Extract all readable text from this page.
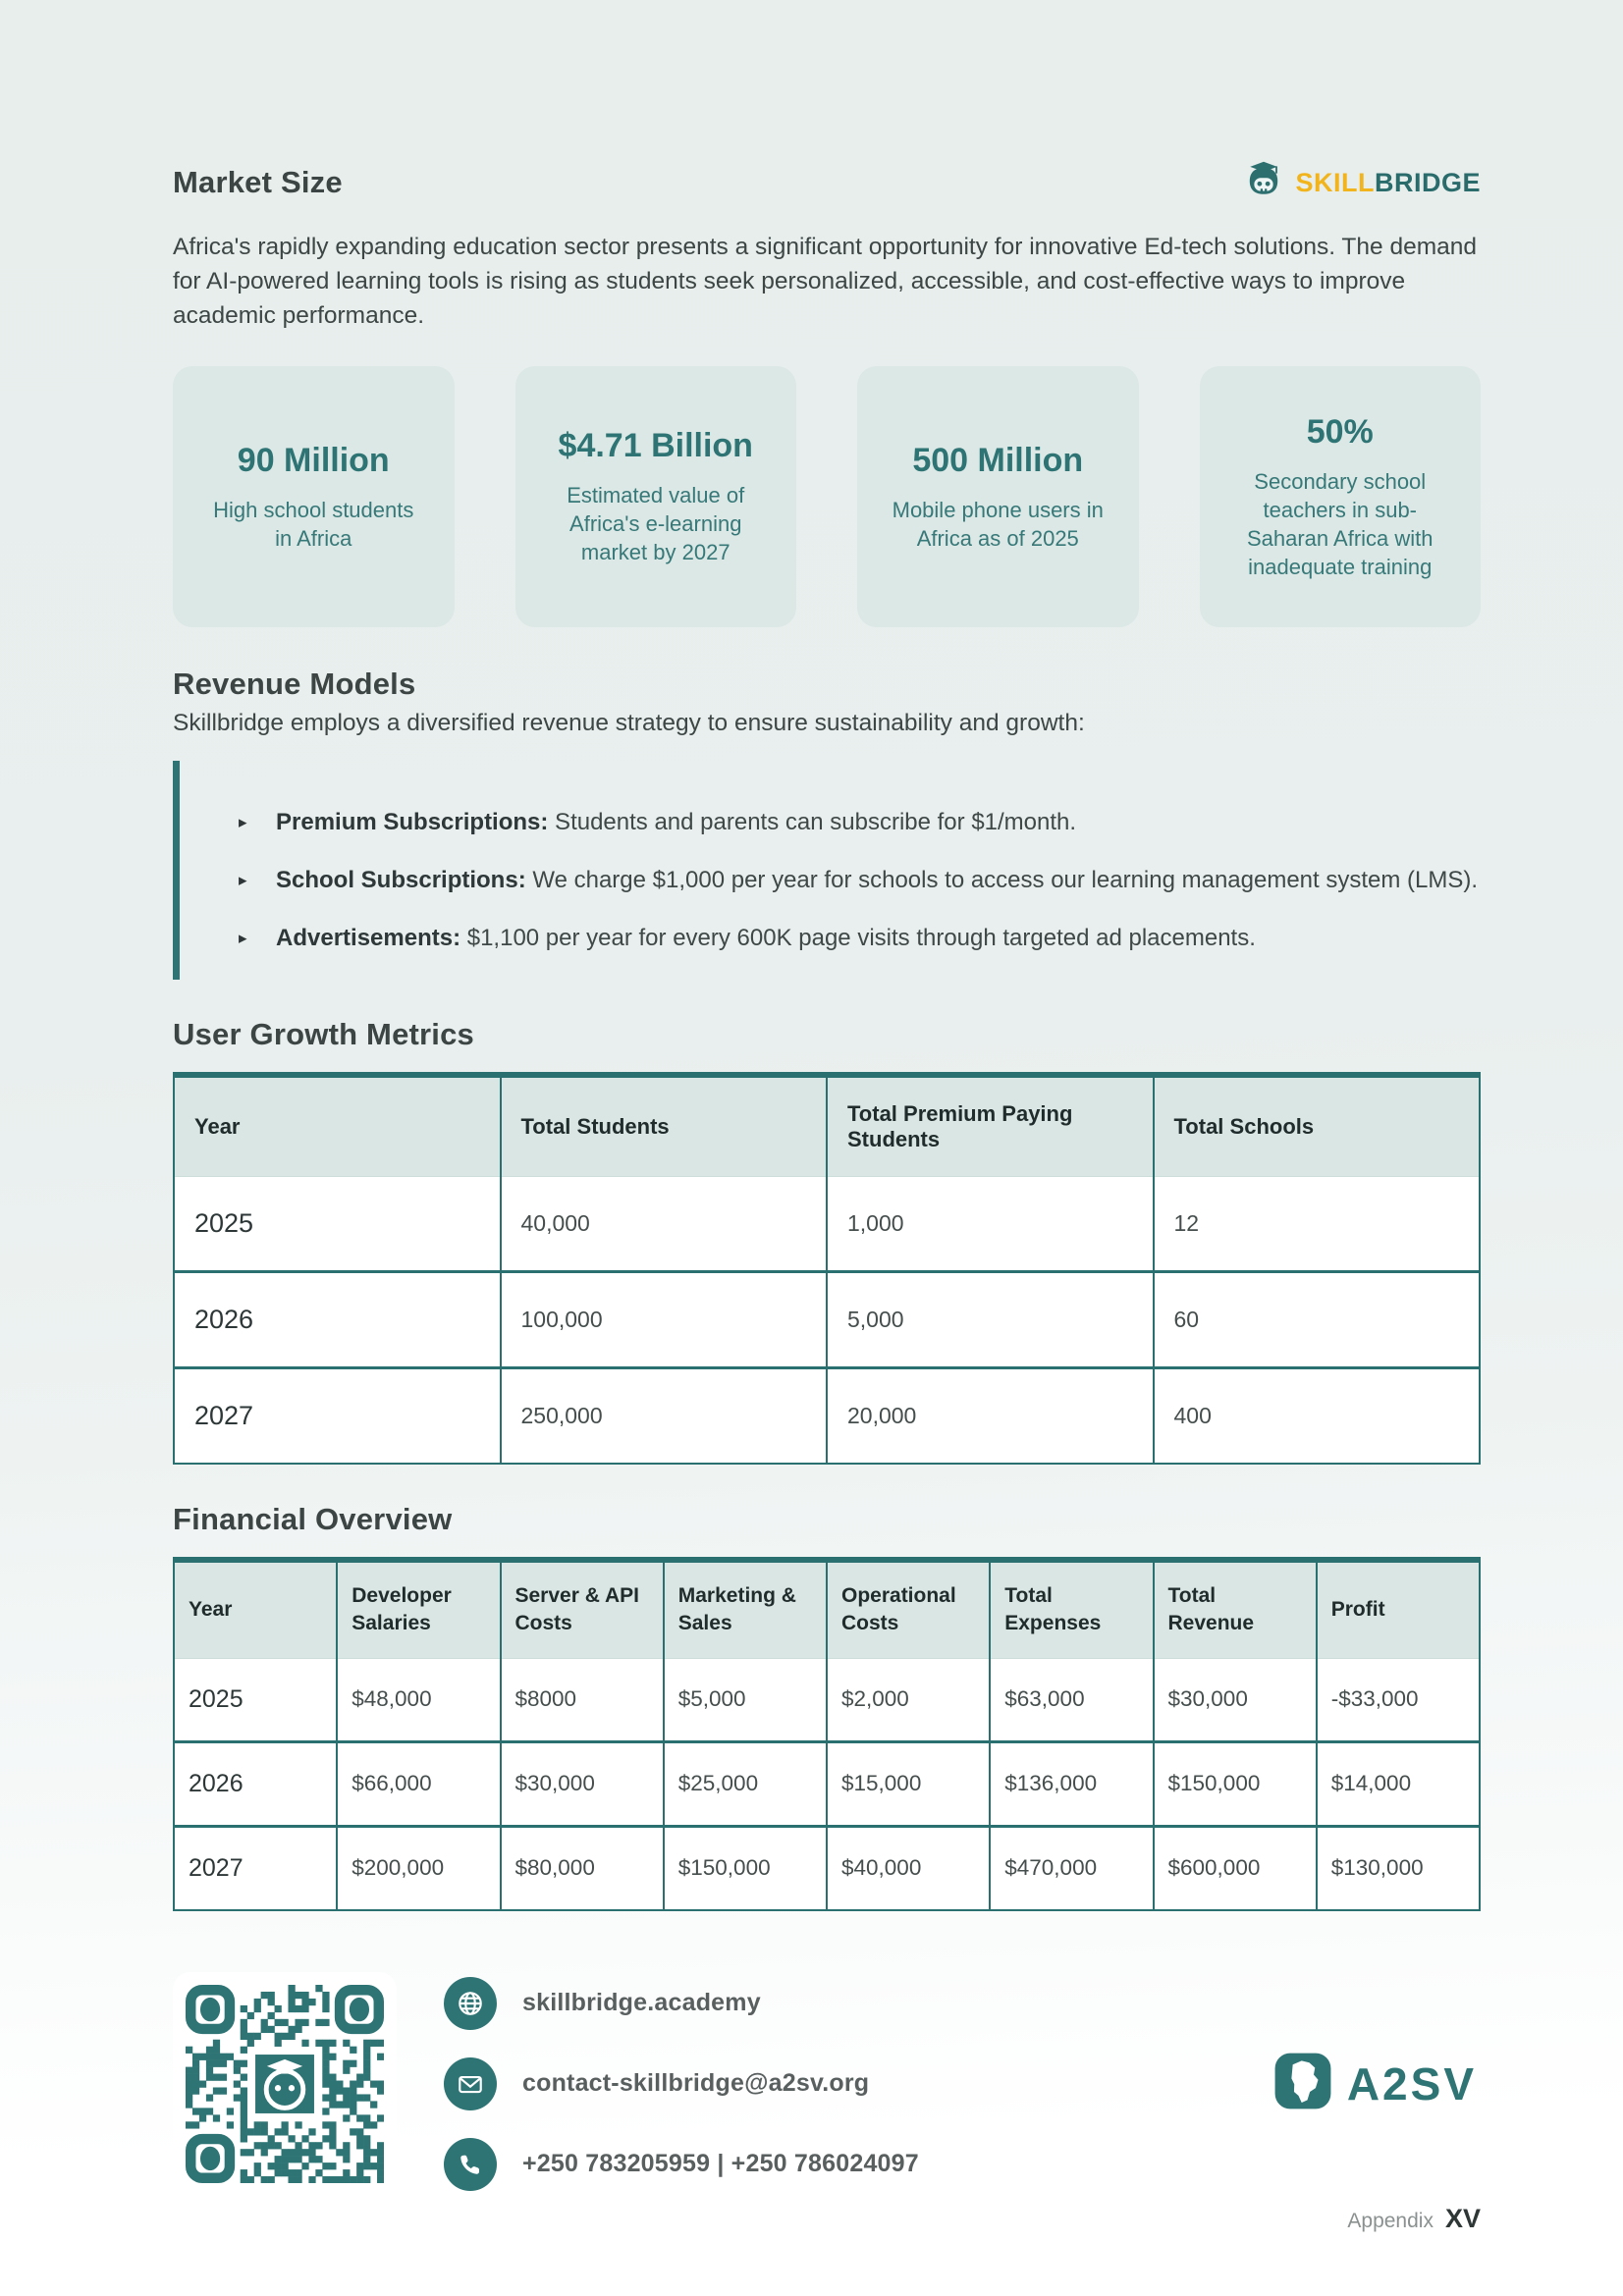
Market Size	SKILLBRIDGE

Africa's rapidly expanding education sector presents a significant opportunity for innovative Ed-tech solutions. The demand for AI-powered learning tools is rising as students seek personalized, accessible, and cost-effective ways to improve academic performance.

90 Million
High school students in Africa
$4.71 Billion
Estimated value of Africa's e-learning market by 2027
500 Million
Mobile phone users in Africa as of 2025
50%
Secondary school teachers in sub-Saharan Africa with inadequate training
Revenue Models

Skillbridge employs a diversified revenue strategy to ensure sustainability and growth:

▸ Premium Subscriptions: Students and parents can subscribe for $1/month.
▸ School Subscriptions: We charge $1,000 per year for schools to access our learning management system (LMS).
▸ Advertisements: $1,100 per year for every 600K page visits through targeted ad placements.
User Growth Metrics
Year	Total Students	Total Premium Paying Students	Total Schools
2025	40,000	1,000	12
2026	100,000	5,000	60
2027	250,000	20,000	400
Financial Overview
Year	Developer Salaries	Server & API Costs	Marketing & Sales	Operational Costs	Total Expenses	Total Revenue	Profit
2025	$48,000	$8000	$5,000	$2,000	$63,000	$30,000	-$33,000
2026	$66,000	$30,000	$25,000	$15,000	$136,000	$150,000	$14,000
2027	$200,000	$80,000	$150,000	$40,000	$470,000	$600,000	$130,000
skillbridge.academy
contact-skillbridge@a2sv.org
+250 783205959 | +250 786024097
A2SV
Appendix XV
